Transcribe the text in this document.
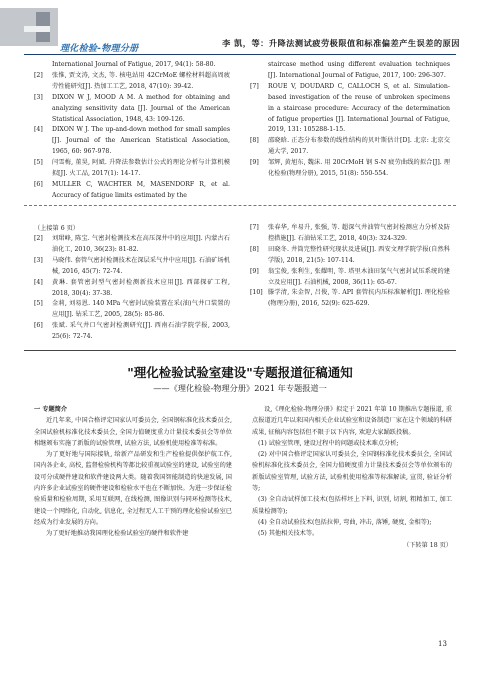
理化检验-物理分册
李 凯，等：升降法测试疲劳极限值和标准偏差产生误差的原因
International Journal of Fatigue, 2017, 94(1): 58-80.
[2]	张惟, 贾文涛, 文杰, 等. 核电站用 42CrMoE 螺栓材料超高周疲劳性能研究[J]. 热加工工艺, 2018, 47(10): 39-42.
[3]	DIXON W J, MOOD A M. A method for obtaining and analyzing sensitivity data [J]. Journal of the American Statistical Association, 1948, 43: 109-126.
[4]	DIXON W J. The up-and-down method for small samples [J]. Journal of the American Statistical Association, 1965, 60: 967-978.
[5]	闫雪梅, 董昊, 阿斌. 升降法参数估计公式的理论分析与计算机模拟[J]. 火工品, 2017(1): 14-17.
[6]	MULLER C, WACHTER M, MASENDORF R, et al. Accuracy of fatigue limits estimated by the
staircase method using different evaluation techniques [J]. International Journal of Fatigue, 2017, 100: 296-307.
[7]	ROUE V, DOUDARD C, CALLOCH S, et al. Simulation-based investigation of the reuse of unbroken specimens in a staircase procedure: Accuracy of the determination of fatigue properties [J]. International Journal of Fatigue, 2019, 131: 105288-1-15.
[8]	邵晓晗. 正态分布参数的线性结构的贝叶斯估计[D]. 北京: 北京交通大学, 2017.
[9]	邹辉, 黄旭东, 魏沫. 用 20CrMoH 钢 S-N 疲劳曲线的拟合[J]. 理化检验(物理分册), 2015, 51(8): 550-554.
（上接第 6 页）
[2]	刘珺峰, 陈宝. 气密封检测技术在高压深井中的应用[J]. 内蒙古石油化工, 2010, 36(23): 81-82.
[3]	马晓伟. 套管气密封检测技术在深层采气井中应用[J]. 石油矿场机械, 2016, 45(7): 72-74.
[4]	黄琳. 套管密封型气密封检测新技术应用[J]. 西部探矿工程, 2018, 30(4): 37-38.
[5]	金莉, 刘易恩. 140 MPa 气密封试验装置在采(油)气井口装置的应用[J]. 钻采工艺, 2005, 28(5): 85-86.
[6]	张斌. 采气井口气密封检测研究[J]. 西南石油学院学报, 2003, 25(6): 72-74.
[7]	张春华, 牟易升, 张强, 等. 超深气井油管气密封检测应力分析及防控措施[J]. 石油钻采工艺, 2018, 40(3): 324-329.
[8]	田晓冬. 井筒完整性研究现状及进展[J]. 西安文理学院学报(自然科学版), 2018, 21(5): 107-114.
[9]	翁宝俊, 张利生, 张耀明, 等. 塔里木油田氢气气密封试压系统的建立及应用[J]. 石油机械, 2008, 36(11): 65-67.
[10] 滕学清, 朱金智, 吕俊, 等. API 套管抗内压标准解析[J]. 理化检验(物理分册), 2016, 52(9): 625-629.
"理化检验试验室建设"专题报道征稿通知
——《理化检验-物理分册》2021 年专题报道一

一 专题简介

近几年来, 中国合格评定国家认可委员会, 全国钢标准化技术委员会, 全国试验机标准化技术委员会, 全国力值硬度重力计量技术委员会等单位相继颁布实施了新版的试验管理, 试验方法, 试验机使用检准等标准。

为了更好地与国际接轨, 给新产品研发和生产检验提供保护航工作, 国内各企业, 高校, 监督检验机构等都比较重视试验室的建设, 试验室的建设可分成硬件建设和软件建设两大类。随着我国智能制造的快速发展, 国内许多企业试验室的硬件建设和检验水平也在不断加快。为进一步保证检验质量和检验周期, 采用互联网, 在线检测, 图像识别与同环检测等技术, 建设一个网络化, 自动化, 信息化, 全过程无人工干预的理化检验试验室已经成为行业发展的方向。

为了更好地推动我国理化检验试验室的硬件和软件建

设,《理化检验-物理分册》拟定于 2021 年第 10 期推出专题报道, 重点报道近几年以来国内相关企业试验室和设备制造厂家在这个领域的科研成果, 征稿内容包括但不限于以下内容, 欢迎大家踊跃投稿。

(1) 试验室管理, 建设过程中的问题或技术难点分析;

(2) 对中国合格评定国家认可委员会, 全国钢标准化技术委员会, 全国试验机标准化技术委员会, 全国力值硬度重力计量技术委员会等单位颁布的新版试验室管理, 试验方法, 试验机使用检准等标准解读, 宣贯, 验证分析等;

(3) 全自动试样加工技术(包括样坯上下料, 识别, 切割, 粗精加工, 加工质量检测等);

(4) 全自动试验技术(包括拉伸, 弯曲, 冲击, 落锤, 硬度, 金相等);

(5) 其他相关技术等。

（下转第 18 页）

13
